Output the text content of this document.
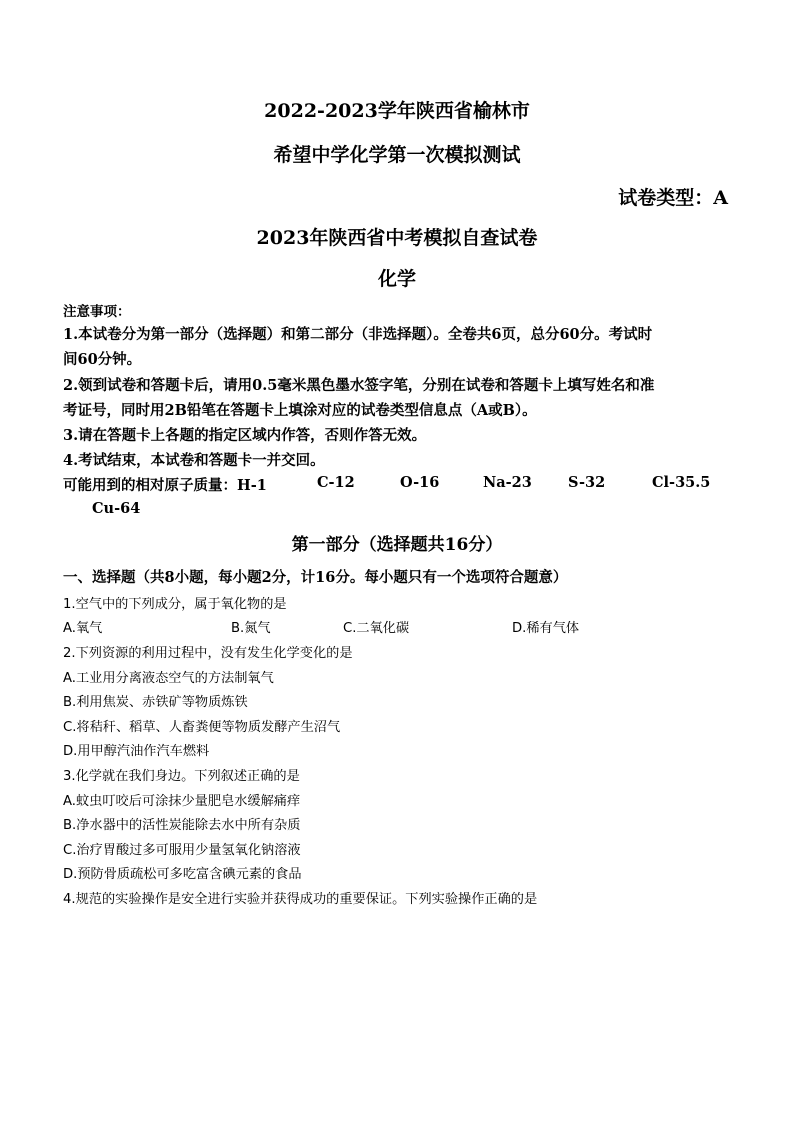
2022-2023学年陕西省榆林市
希望中学化学第一次模拟测试
试卷类型：A
2023年陕西省中考模拟自查试卷
化学
注意事项：
1.本试卷分为第一部分（选择题）和第二部分（非选择题）。全卷共6页，总分60分。考试时
间60分钟。
2.领到试卷和答题卡后，请用0.5毫米黑色墨水签字笔，分别在试卷和答题卡上填写姓名和准
考证号，同时用2B铅笔在答题卡上填涂对应的试卷类型信息点（A或B）。
3.请在答题卡上各题的指定区域内作答，否则作答无效。
4.考试结束，本试卷和答题卡一并交回。
可能用到的相对原子质量：H-1	C-12	O-16	Na-23 S-32	Cl-35.5
Cu-64
第一部分（选择题共16分）
一、选择题（共8小题，每小题2分，计16分。每小题只有一个选项符合题意）
1.空气中的下列成分，属于氧化物的是
A.氧气	B.氮气	C.二氧化碳	D.稀有气体
2.下列资源的利用过程中，没有发生化学变化的是
A.工业用分离液态空气的方法制氧气
B.利用焦炭、赤铁矿等物质炼铁
C.将秸秆、稻草、人畜粪便等物质发酵产生沼气
D.用甲醇汽油作汽车燃料
3.化学就在我们身边。下列叙述正确的是
A.蚊虫叮咬后可涂抹少量肥皂水缓解痛痒
B.净水器中的活性炭能除去水中所有杂质
C.治疗胃酸过多可服用少量氢氧化钠溶液
D.预防骨质疏松可多吃富含碘元素的食品
4.规范的实验操作是安全进行实验并获得成功的重要保证。下列实验操作正确的是
